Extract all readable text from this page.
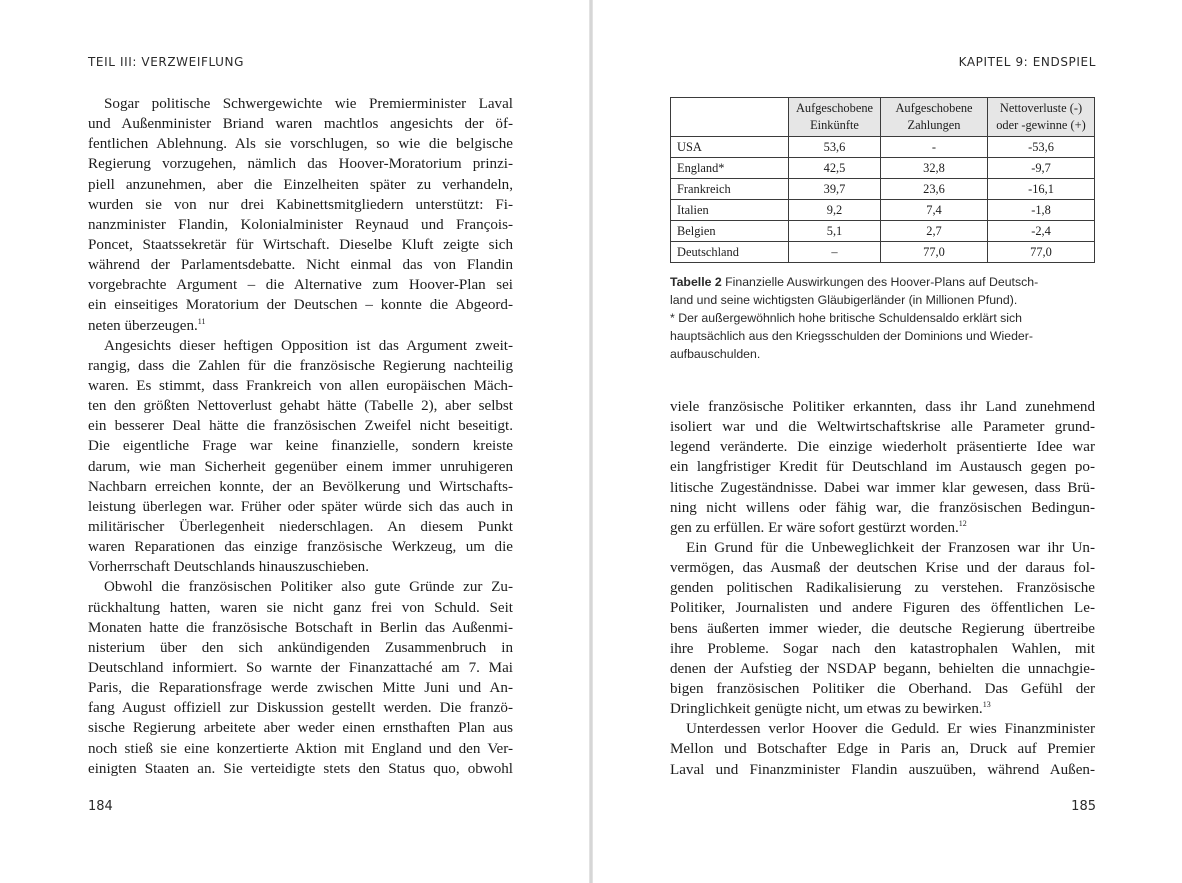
TEIL III: VERZWEIFLUNG
Sogar politische Schwergewichte wie Premierminister Laval
und Außenminister Briand waren machtlos angesichts der öf-
fentlichen Ablehnung. Als sie vorschlugen, so wie die belgische
Regierung vorzugehen, nämlich das Hoover-Moratorium prinzi-
piell anzunehmen, aber die Einzelheiten später zu verhandeln,
wurden sie von nur drei Kabinettsmitgliedern unterstützt: Fi-
nanzminister Flandin, Kolonialminister Reynaud und François-
Poncet, Staatssekretär für Wirtschaft. Dieselbe Kluft zeigte sich
während der Parlamentsdebatte. Nicht einmal das von Flandin
vorgebrachte Argument – die Alternative zum Hoover-Plan sei
ein einseitiges Moratorium der Deutschen – konnte die Abgeord-
neten überzeugen.$^{11}$
Angesichts dieser heftigen Opposition ist das Argument zweit-
rangig, dass die Zahlen für die französische Regierung nachteilig
waren. Es stimmt, dass Frankreich von allen europäischen Mäch-
ten den größten Nettoverlust gehabt hätte (Tabelle 2), aber selbst
ein besserer Deal hätte die französischen Zweifel nicht beseitigt.
Die eigentliche Frage war keine finanzielle, sondern kreiste
darum, wie man Sicherheit gegenüber einem immer unruhigeren
Nachbarn erreichen konnte, der an Bevölkerung und Wirtschafts-
leistung überlegen war. Früher oder später würde sich das auch in
militärischer Überlegenheit niederschlagen. An diesem Punkt
waren Reparationen das einzige französische Werkzeug, um die
Vorherrschaft Deutschlands hinauszuschieben.
Obwohl die französischen Politiker also gute Gründe zur Zu-
rückhaltung hatten, waren sie nicht ganz frei von Schuld. Seit
Monaten hatte die französische Botschaft in Berlin das Außenmi-
nisterium über den sich ankündigenden Zusammenbruch in
Deutschland informiert. So warnte der Finanzattaché am 7. Mai
Paris, die Reparationsfrage werde zwischen Mitte Juni und An-
fang August offiziell zur Diskussion gestellt werden. Die franzö-
sische Regierung arbeitete aber weder einen ernsthaften Plan aus
noch stieß sie eine konzertierte Aktion mit England und den Ver-
einigten Staaten an. Sie verteidigte stets den Status quo, obwohl
184
KAPITEL 9: ENDSPIEL
	Aufgeschobene Einkünfte	Aufgeschobene Zahlungen	Nettoverluste (-) oder -gewinne (+)
USA	53,6	-	-53,6
England*	42,5	32,8	-9,7
Frankreich	39,7	23,6	-16,1
Italien	9,2	7,4	-1,8
Belgien	5,1	2,7	-2,4
Deutschland	–	77,0	77,0
Tabelle 2 Finanzielle Auswirkungen des Hoover-Plans auf Deutsch-
land und seine wichtigsten Gläubigerländer (in Millionen Pfund).
* Der außergewöhnlich hohe britische Schuldensaldo erklärt sich
hauptsächlich aus den Kriegsschulden der Dominions und Wieder-
aufbauschulden.
viele französische Politiker erkannten, dass ihr Land zunehmend
isoliert war und die Weltwirtschaftskrise alle Parameter grund-
legend veränderte. Die einzige wiederholt präsentierte Idee war
ein langfristiger Kredit für Deutschland im Austausch gegen po-
litische Zugeständnisse. Dabei war immer klar gewesen, dass Brü-
ning nicht willens oder fähig war, die französischen Bedingun-
gen zu erfüllen. Er wäre sofort gestürzt worden.$^{12}$
Ein Grund für die Unbeweglichkeit der Franzosen war ihr Un-
vermögen, das Ausmaß der deutschen Krise und der daraus fol-
genden politischen Radikalisierung zu verstehen. Französische
Politiker, Journalisten und andere Figuren des öffentlichen Le-
bens äußerten immer wieder, die deutsche Regierung übertreibe
ihre Probleme. Sogar nach den katastrophalen Wahlen, mit
denen der Aufstieg der NSDAP begann, behielten die unnachgie-
bigen französischen Politiker die Oberhand. Das Gefühl der
Dringlichkeit genügte nicht, um etwas zu bewirken.$^{13}$
Unterdessen verlor Hoover die Geduld. Er wies Finanzminister
Mellon und Botschafter Edge in Paris an, Druck auf Premier
Laval und Finanzminister Flandin auszuüben, während Außen-
185
